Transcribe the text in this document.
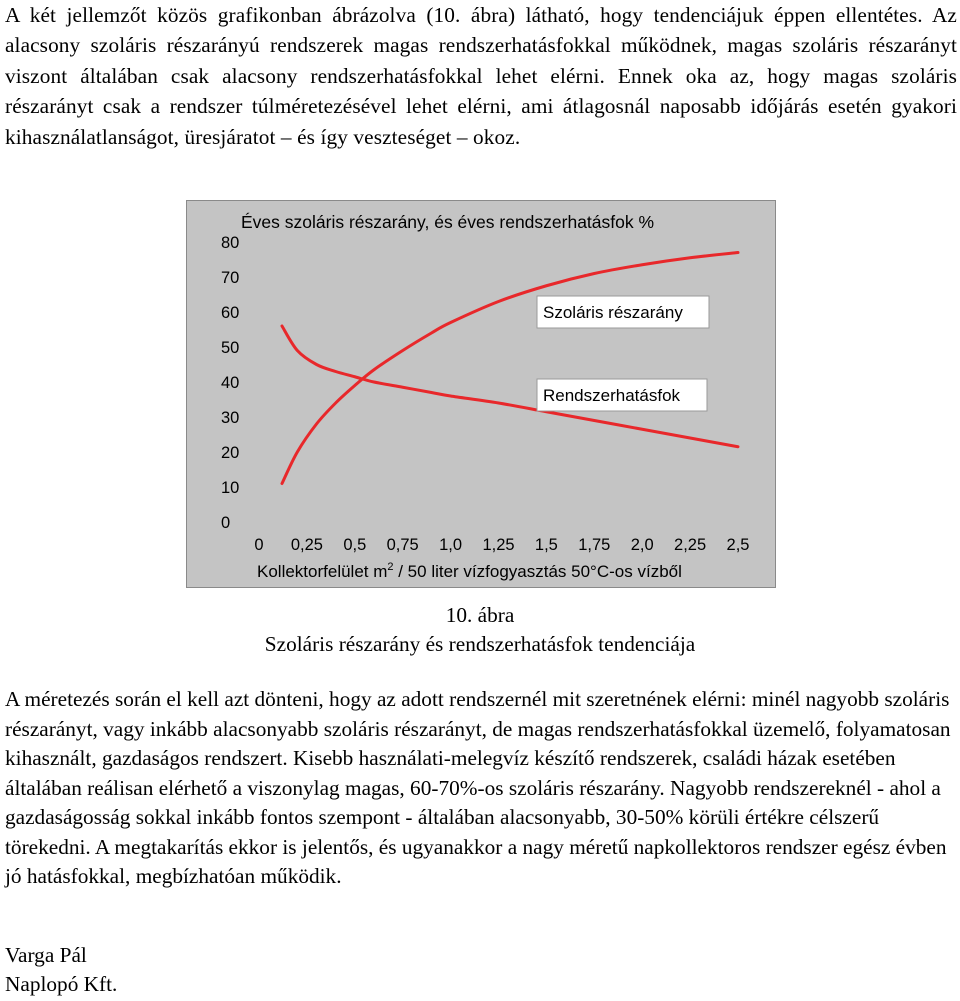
A két jellemzőt közös grafikonban ábrázolva (10. ábra) látható, hogy tendenciájuk éppen ellentétes. Az alacsony szoláris részarányú rendszerek magas rendszerhatásfokkal működnek, magas szoláris részarányt viszont általában csak alacsony rendszerhatásfokkal lehet elérni. Ennek oka az, hogy magas szoláris részarányt csak a rendszer túlméretezésével lehet elérni, ami átlagosnál naposabb időjárás esetén gyakori kihasználatlanságot, üresjáratot – és így veszteséget – okoz.

Éves szoláris részarány, és éves rendszerhatásfok %
0
10
20
30
40
50
60
70
80
0 0,25 0,5 0,75 1,0 1,25 1,5 1,75 2,0 2,25 2,5
Szoláris részarány
Rendszerhatásfok
Kollektorfelület $m^2 / 50$ liter vízfogyasztás 50°C-os vízből

10. ábra

Szoláris részarány és rendszerhatásfok tendenciája

A méretezés során el kell azt dönteni, hogy az adott rendszernél mit szeretnének elérni: minél nagyobb szoláris részarányt, vagy inkább alacsonyabb szoláris részarányt, de magas rendszerhatásfokkal üzemelő, folyamatosan kihasznált, gazdaságos rendszert. Kisebb használati-melegvíz készítő rendszerek, családi házak esetében általában reálisan elérhető a viszonylag magas, 60-70%-os szoláris részarány. Nagyobb rendszereknél - ahol a gazdaságosság sokkal inkább fontos szempont - általában alacsonyabb, 30-50% körüli értékre célszerű törekedni. A megtakarítás ekkor is jelentős, és ugyanakkor a nagy méretű napkollektoros rendszer egész évben jó hatásfokkal, megbízhatóan működik.

Varga Pál

Naplopó Kft.
